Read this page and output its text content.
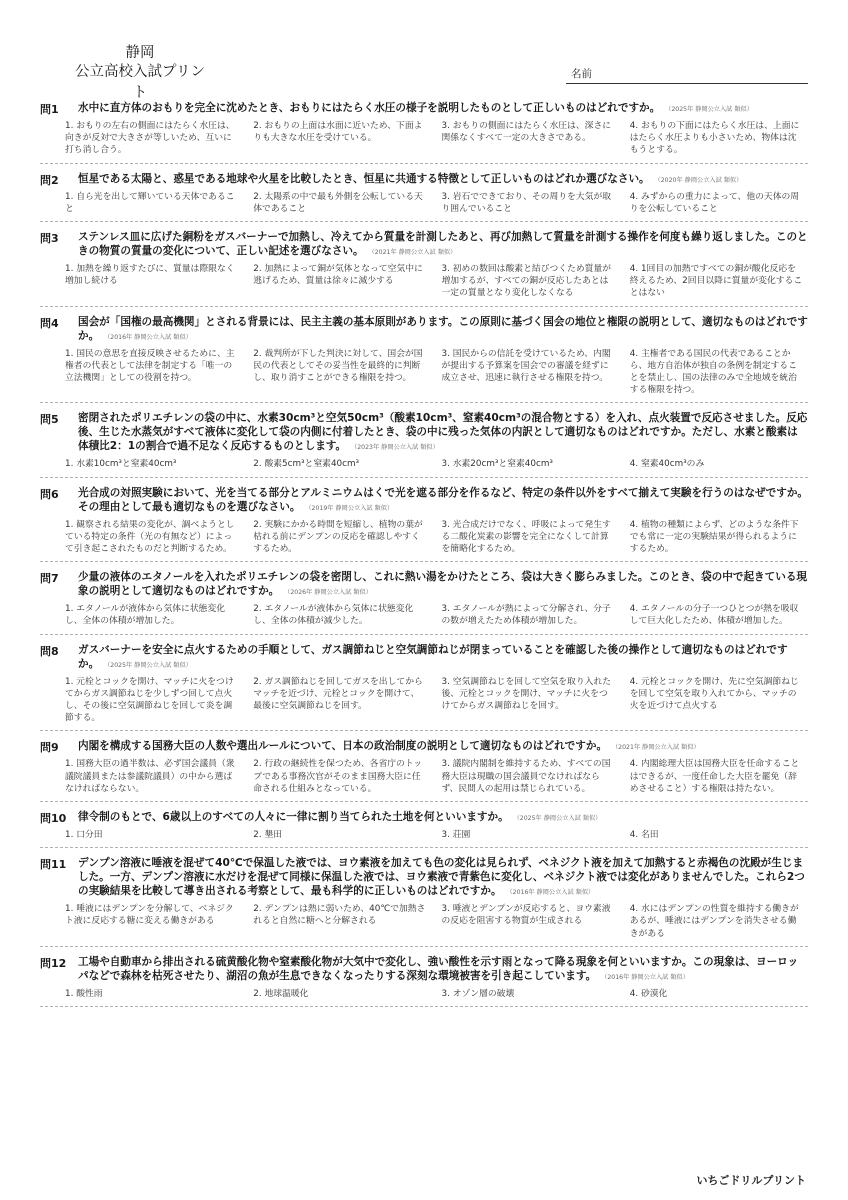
静岡
公立高校入試プリント
名前
問1 水中に直方体のおもりを完全に沈めたとき、おもりにはたらく水圧の様子を説明したものとして正しいものはどれですか。 （2025年 静岡公立入試 類似）
1. おもりの左右の側面にはたらく水圧は、向きが反対で大きさが等しいため、互いに打ち消し合う。
2. おもりの上面は水面に近いため、下面よりも大きな水圧を受けている。
3. おもりの側面にはたらく水圧は、深さに関係なくすべて一定の大きさである。
4. おもりの下面にはたらく水圧は、上面にはたらく水圧よりも小さいため、物体は沈もうとする。
問2 恒星である太陽と、惑星である地球や火星を比較したとき、恒星に共通する特徴として正しいものはどれか選びなさい。 （2020年 静岡公立入試 類似）
1. 自ら光を出して輝いている天体であること
2. 太陽系の中で最も外側を公転している天体であること
3. 岩石でできており、その周りを大気が取り囲んでいること
4. みずからの重力によって、他の天体の周りを公転していること
問3 ステンレス皿に広げた銅粉をガスバーナーで加熱し、冷えてから質量を計測したあと、再び加熱して質量を計測する操作を何度も繰り返しました。このときの物質の質量の変化について、正しい記述を選びなさい。 （2021年 静岡公立入試 類似）
1. 加熱を繰り返すたびに、質量は際限なく増加し続ける
2. 加熱によって銅が気体となって空気中に逃げるため、質量は徐々に減少する
3. 初めの数回は酸素と結びつくため質量が増加するが、すべての銅が反応したあとは一定の質量となり変化しなくなる
4. 1回目の加熱ですべての銅が酸化反応を終えるため、2回目以降に質量が変化することはない
問4 国会が「国権の最高機関」とされる背景には、民主主義の基本原則があります。この原則に基づく国会の地位と権限の説明として、適切なものはどれですか。 （2016年 静岡公立入試 類似）
1. 国民の意思を直接反映させるために、主権者の代表として法律を制定する「唯一の立法機関」としての役割を持つ。
2. 裁判所が下した判決に対して、国会が国民の代表としてその妥当性を最終的に判断し、取り消すことができる権限を持つ。
3. 国民からの信託を受けているため、内閣が提出する予算案を国会での審議を経ずに成立させ、迅速に執行させる権限を持つ。
4. 主権者である国民の代表であることから、地方自治体が独自の条例を制定することを禁止し、国の法律のみで全地域を統治する権限を持つ。
問5 密閉されたポリエチレンの袋の中に、水素30cm³と空気50cm³（酸素10cm³、窒素40cm³の混合物とする）を入れ、点火装置で反応させました。反応後、生じた水蒸気がすべて液体に変化して袋の内側に付着したとき、袋の中に残った気体の内訳として適切なものはどれですか。ただし、水素と酸素は体積比2：1の割合で過不足なく反応するものとします。 （2023年 静岡公立入試 類似）
1. 水素10cm³と窒素40cm³	2. 酸素5cm³と窒素40cm³	3. 水素20cm³と窒素40cm³	4. 窒素40cm³のみ
問6 光合成の対照実験において、光を当てる部分とアルミニウムはくで光を遮る部分を作るなど、特定の条件以外をすべて揃えて実験を行うのはなぜですか。その理由として最も適切なものを選びなさい。 （2019年 静岡公立入試 類似）
1. 観察される結果の変化が、調べようとしている特定の条件（光の有無など）によって引き起こされたものだと判断するため。
2. 実験にかかる時間を短縮し、植物の葉が枯れる前にデンプンの反応を確認しやすくするため。
3. 光合成だけでなく、呼吸によって発生する二酸化炭素の影響を完全になくして計算を簡略化するため。
4. 植物の種類によらず、どのような条件下でも常に一定の実験結果が得られるようにするため。
問7 少量の液体のエタノールを入れたポリエチレンの袋を密閉し、これに熱い湯をかけたところ、袋は大きく膨らみました。このとき、袋の中で起きている現象の説明として適切なものはどれですか。 （2026年 静岡公立入試 類似）
1. エタノールが液体から気体に状態変化し、全体の体積が増加した。
2. エタノールが液体から気体に状態変化し、全体の体積が減少した。
3. エタノールが熱によって分解され、分子の数が増えたため体積が増加した。
4. エタノールの分子一つひとつが熱を吸収して巨大化したため、体積が増加した。
問8 ガスバーナーを安全に点火するための手順として、ガス調節ねじと空気調節ねじが閉まっていることを確認した後の操作として適切なものはどれですか。 （2025年 静岡公立入試 類似）
1. 元栓とコックを開け、マッチに火をつけてからガス調節ねじを少しずつ回して点火し、その後に空気調節ねじを回して炎を調節する。
2. ガス調節ねじを回してガスを出してからマッチを近づけ、元栓とコックを開けて、最後に空気調節ねじを回す。
3. 空気調節ねじを回して空気を取り入れた後、元栓とコックを開け、マッチに火をつけてからガス調節ねじを回す。
4. 元栓とコックを開け、先に空気調節ねじを回して空気を取り入れてから、マッチの火を近づけて点火する
問9 内閣を構成する国務大臣の人数や選出ルールについて、日本の政治制度の説明として適切なものはどれですか。 （2021年 静岡公立入試 類似）
1. 国務大臣の過半数は、必ず国会議員（衆議院議員または参議院議員）の中から選ばなければならない。
2. 行政の継続性を保つため、各省庁のトップである事務次官がそのまま国務大臣に任命される仕組みとなっている。
3. 議院内閣制を維持するため、すべての国務大臣は現職の国会議員でなければならず、民間人の起用は禁じられている。
4. 内閣総理大臣は国務大臣を任命することはできるが、一度任命した大臣を罷免（辞めさせること）する権限は持たない。
問10 律令制のもとで、6歳以上のすべての人々に一律に割り当てられた土地を何といいますか。 （2025年 静岡公立入試 類似）
1. 口分田	2. 墾田	3. 荘園	4. 名田
問11 デンプン溶液に唾液を混ぜて40℃で保温した液では、ヨウ素液を加えても色の変化は見られず、ベネジクト液を加えて加熱すると赤褐色の沈殿が生じました。一方、デンプン溶液に水だけを混ぜて同様に保温した液では、ヨウ素液で青紫色に変化し、ベネジクト液では変化がありませんでした。これら2つの実験結果を比較して導き出される考察として、最も科学的に正しいものはどれですか。 （2016年 静岡公立入試 類似）
1. 唾液にはデンプンを分解して、ベネジクト液に反応する糖に変える働きがある
2. デンプンは熱に弱いため、40℃で加熱されると自然に糖へと分解される
3. 唾液とデンプンが反応すると、ヨウ素液の反応を阻害する物質が生成される
4. 水にはデンプンの性質を維持する働きがあるが、唾液にはデンプンを消失させる働きがある
問12 工場や自動車から排出される硫黄酸化物や窒素酸化物が大気中で変化し、強い酸性を示す雨となって降る現象を何といいますか。この現象は、ヨーロッパなどで森林を枯死させたり、湖沼の魚が生息できなくなったりする深刻な環境被害を引き起こしています。 （2016年 静岡公立入試 類似）
1. 酸性雨	2. 地球温暖化	3. オゾン層の破壊	4. 砂漠化
いちごドリルプリント
